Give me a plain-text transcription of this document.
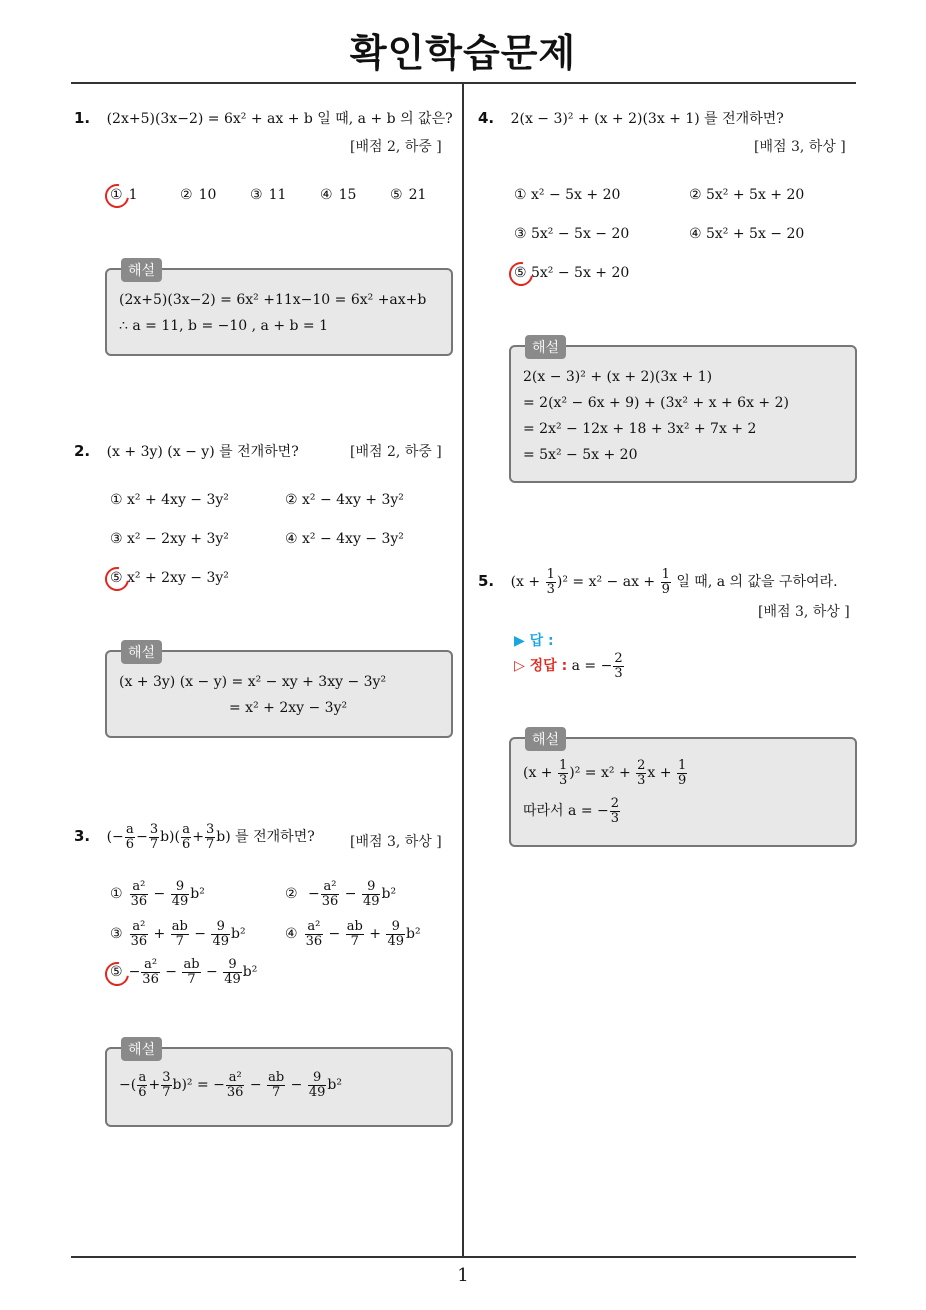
확인학습문제
1
1. (2x+5)(3x−2) = 6x² + ax + b 일 때, a + b 의 값은?
[배점 2, 하중 ]
① 1	② 10 ③ 11 ④ 15 ⑤ 21
해설
(2x+5)(3x−2) = 6x² +11x−10 = 6x² +ax+b
∴ a = 11, b = −10 , a + b = 1
2. (x + 3y) (x − y) 를 전개하면?	[배점 2, 하중 ]
① x² + 4xy − 3y²	② x² − 4xy + 3y²
③ x² − 2xy + 3y²	④ x² − 4xy − 3y²
⑤ x² + 2xy − 3y²
해설
(x + 3y) (x − y) = x² − xy + 3xy − 3y²
= x² + 2xy − 3y²
3. (− $\frac{a}{6} - \frac{3}{7} b)( \frac{a}{6} + \frac{3}{7} b)$ 를 전개하면?	[배점 3, 하상 ]
① $\frac{\text{a²}}{36} - \frac{9}{49} b^2$	② − $\frac{\text{a²}}{36} - \frac{9}{49} b^2$
③ $\frac{\text{a²}}{36} + \frac{ab}{7} - \frac{9}{49} b^2$	④ $\frac{\text{a²}}{36} - \frac{ab}{7} + \frac{9}{49} b^2$
⑤ − $\frac{\text{a²}}{36} - \frac{ab}{7} - \frac{9}{49} b^2$
해설
−( $\frac{a}{6} + \frac{3}{7} b)^2$ = − $\frac{\text{a²}}{36} - \frac{ab}{7} - \frac{9}{49} b^2$
4. 2(x − 3)² + (x + 2)(3x + 1) 를 전개하면?
[배점 3, 하상 ]
① x² − 5x + 20	② 5x² + 5x + 20
③ 5x² − 5x − 20	④ 5x² + 5x − 20
⑤ 5x² − 5x + 20
해설
2(x − 3)² + (x + 2)(3x + 1)
= 2(x² − 6x + 9) + (3x² + x + 6x + 2)
= 2x² − 12x + 18 + 3x² + 7x + 2
= 5x² − 5x + 20
5. $(x + \frac{1}{3} )^2 = x^2$ − ax + $\frac{1}{9}$ 일 때, a 의 값을 구하여라.
[배점 3, 하상 ]
▶ 답 :
▷ 정답 : a = − $\frac{2}{3}$
해설
$(x + \frac{1}{3} )^2 = x^2 + \frac{2}{3}$ $x + \frac{1}{9}$
따라서 a = − $\frac{2}{3}$
